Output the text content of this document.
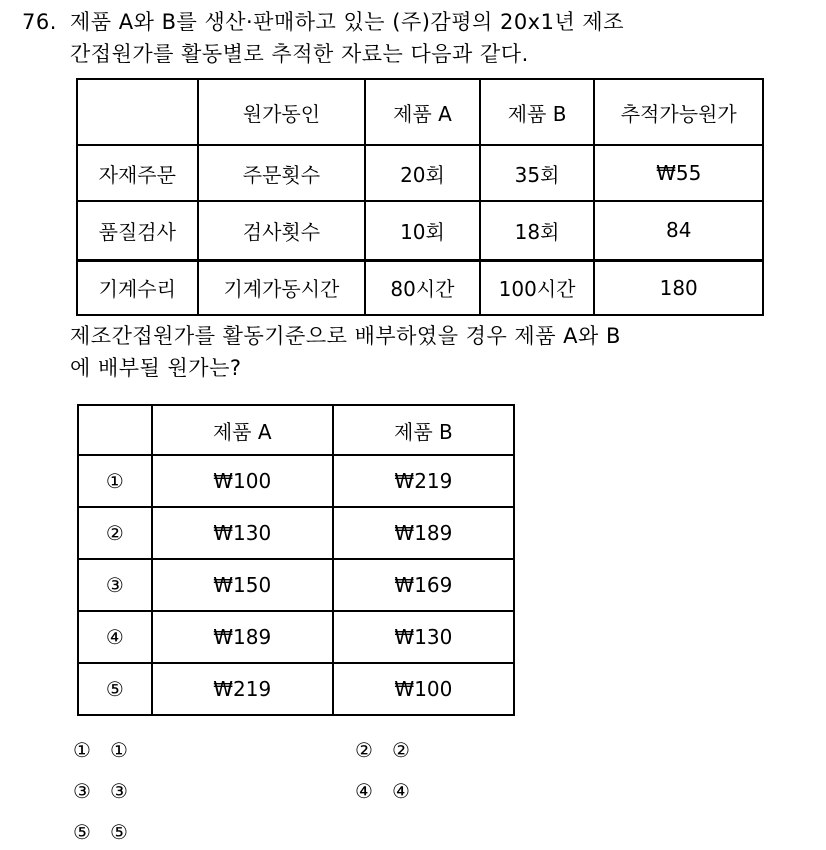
76. 제품 A와 B를 생산·판매하고 있는 (주)감평의 20x1년 제조
간접원가를 활동별로 추적한 자료는 다음과 같다.
	원가동인	제품 A	제품 B	추적가능원가
자재주문	주문횟수	20회	35회	₩55
품질검사	검사횟수	10회	18회	84
기계수리	기계가동시간	80시간	100시간	180
제조간접원가를 활동기준으로 배부하였을 경우 제품 A와 B
에 배부될 원가는?
	제품 A	제품 B
①	₩100	₩219
②	₩130	₩189
③	₩150	₩169
④	₩189	₩130
⑤	₩219	₩100
① ①	② ②
③ ③	④ ④
⑤ ⑤
